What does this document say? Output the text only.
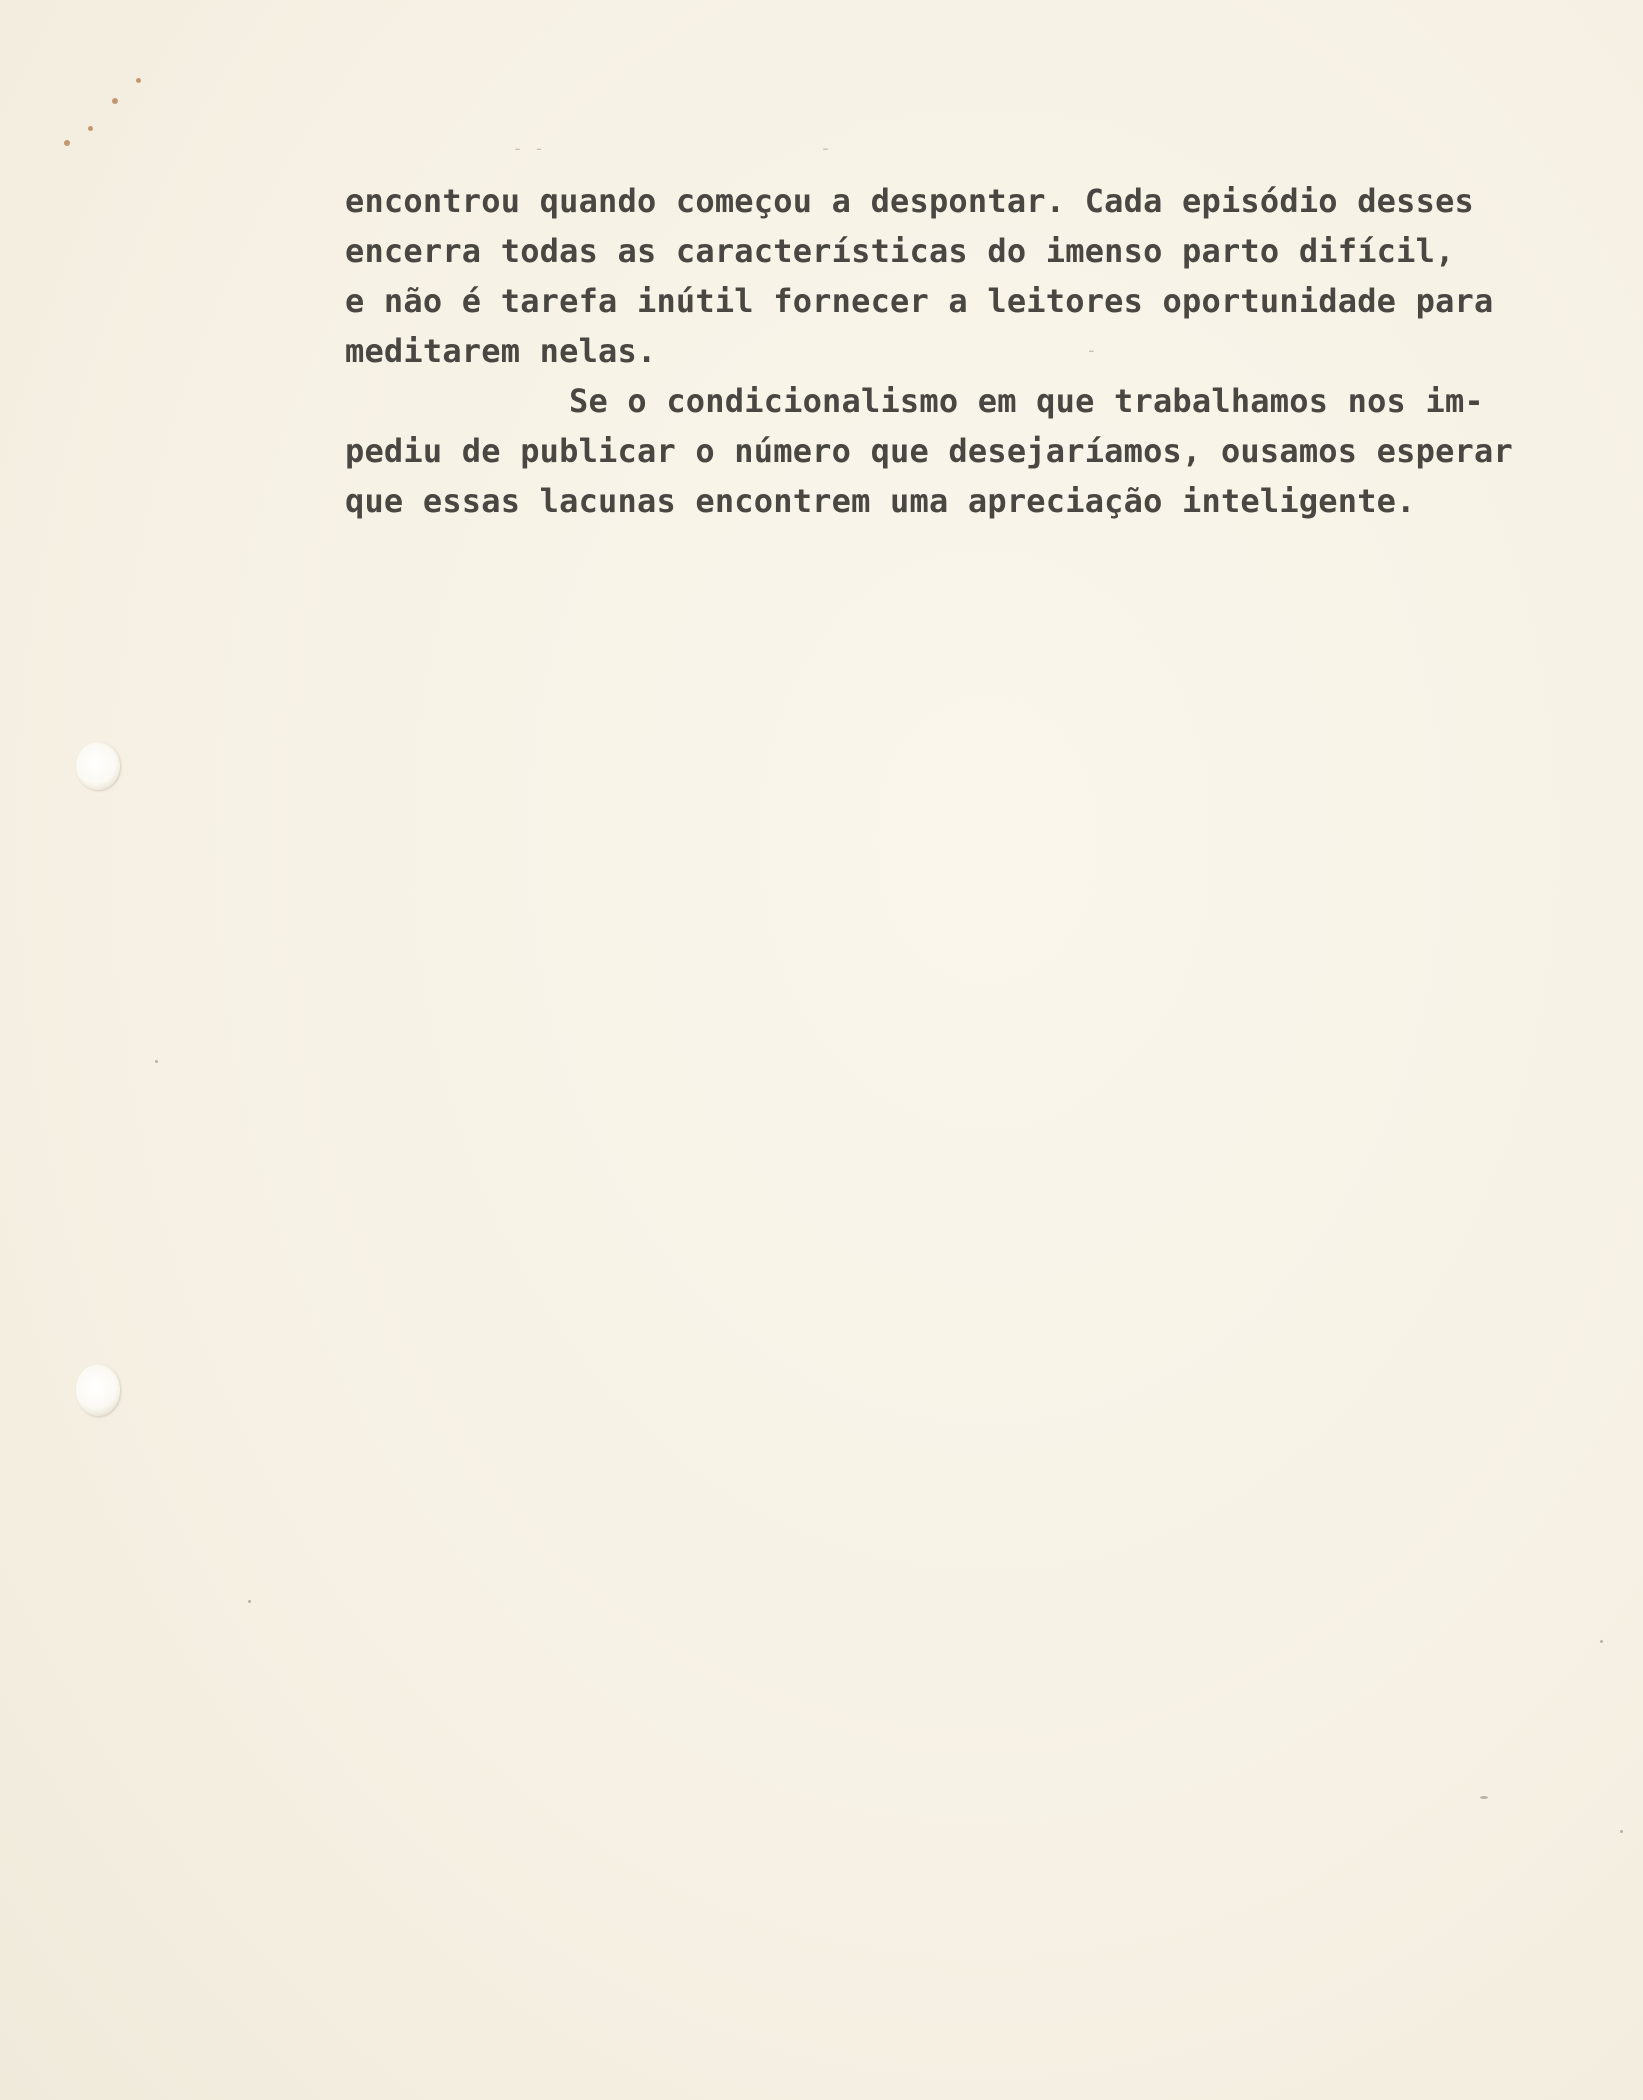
- -	-
-
encontrou quando começou a despontar. Cada episódio desses
encerra todas as características do imenso parto difícil,
e não é tarefa inútil fornecer a leitores oportunidade para
meditarem nelas.
Se o condicionalismo em que trabalhamos nos im-
pediu de publicar o número que desejaríamos, ousamos esperar
que essas lacunas encontrem uma apreciação inteligente.
